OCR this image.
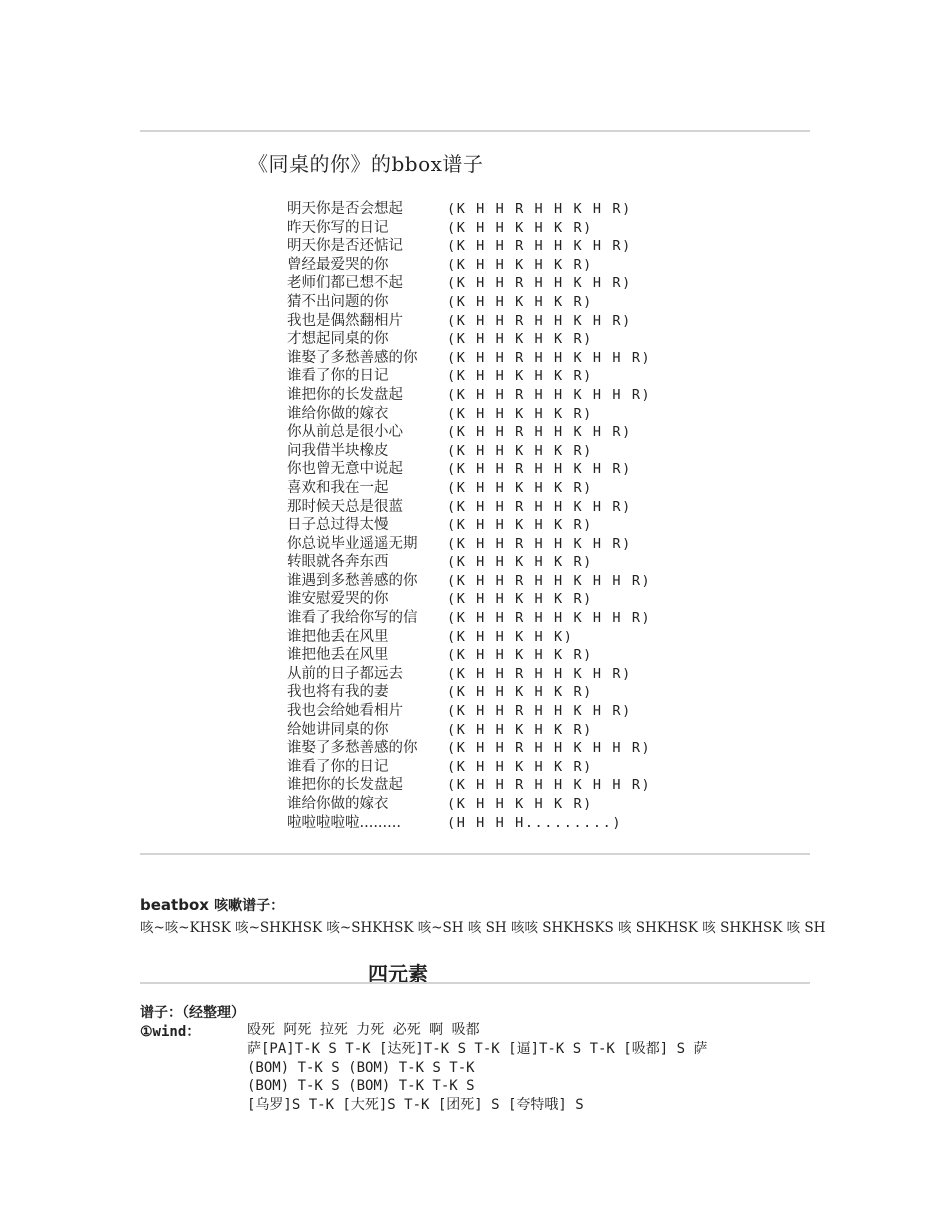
《同桌的你》的bbox谱子
明天你是否会想起	(K H H R H H K H R)
昨天你写的日记	(K H H K H K R)
明天你是否还惦记	(K H H R H H K H R)
曾经最爱哭的你	(K H H K H K R)
老师们都已想不起	(K H H R H H K H R)
猜不出问题的你	(K H H K H K R)
我也是偶然翻相片	(K H H R H H K H R)
才想起同桌的你	(K H H K H K R)
谁娶了多愁善感的你 (K H H R H H K H H R)
谁看了你的日记	(K H H K H K R)
谁把你的长发盘起	(K H H R H H K H H R)
谁给你做的嫁衣	(K H H K H K R)
你从前总是很小心	(K H H R H H K H R)
问我借半块橡皮	(K H H K H K R)
你也曾无意中说起	(K H H R H H K H R)
喜欢和我在一起	(K H H K H K R)
那时候天总是很蓝	(K H H R H H K H R)
日子总过得太慢	(K H H K H K R)
你总说毕业遥遥无期 (K H H R H H K H R)
转眼就各奔东西	(K H H K H K R)
谁遇到多愁善感的你 (K H H R H H K H H R)
谁安慰爱哭的你	(K H H K H K R)
谁看了我给你写的信 (K H H R H H K H H R)
谁把他丢在风里	(K H H K H K)
谁把他丢在风里	(K H H K H K R)
从前的日子都远去	(K H H R H H K H R)
我也将有我的妻	(K H H K H K R)
我也会给她看相片	(K H H R H H K H R)
给她讲同桌的你	(K H H K H K R)
谁娶了多愁善感的你 (K H H R H H K H H R)
谁看了你的日记	(K H H K H K R)
谁把你的长发盘起	(K H H R H H K H H R)
谁给你做的嫁衣	(K H H K H K R)
啦啦啦啦啦.........	(H H H H.........)
beatbox 咳嗽谱子：
咳~咳~KHSK 咳~SHKHSK 咳~SHKHSK 咳~SH 咳 SH 咳咳 SHKHSKS 咳 SHKHSK 咳 SHKHSK 咳 SH
四元素
谱子：（经整理）
①wind：	殴死 阿死 拉死 力死 必死 啊 吸都
萨[PA]T-K S T-K [达死]T-K S T-K [逼]T-K S T-K [吸都] S 萨
(BOM) T-K S (BOM) T-K S T-K
(BOM) T-K S (BOM) T-K T-K S
[乌罗]S T-K [大死]S T-K [团死] S [夸特哦] S
